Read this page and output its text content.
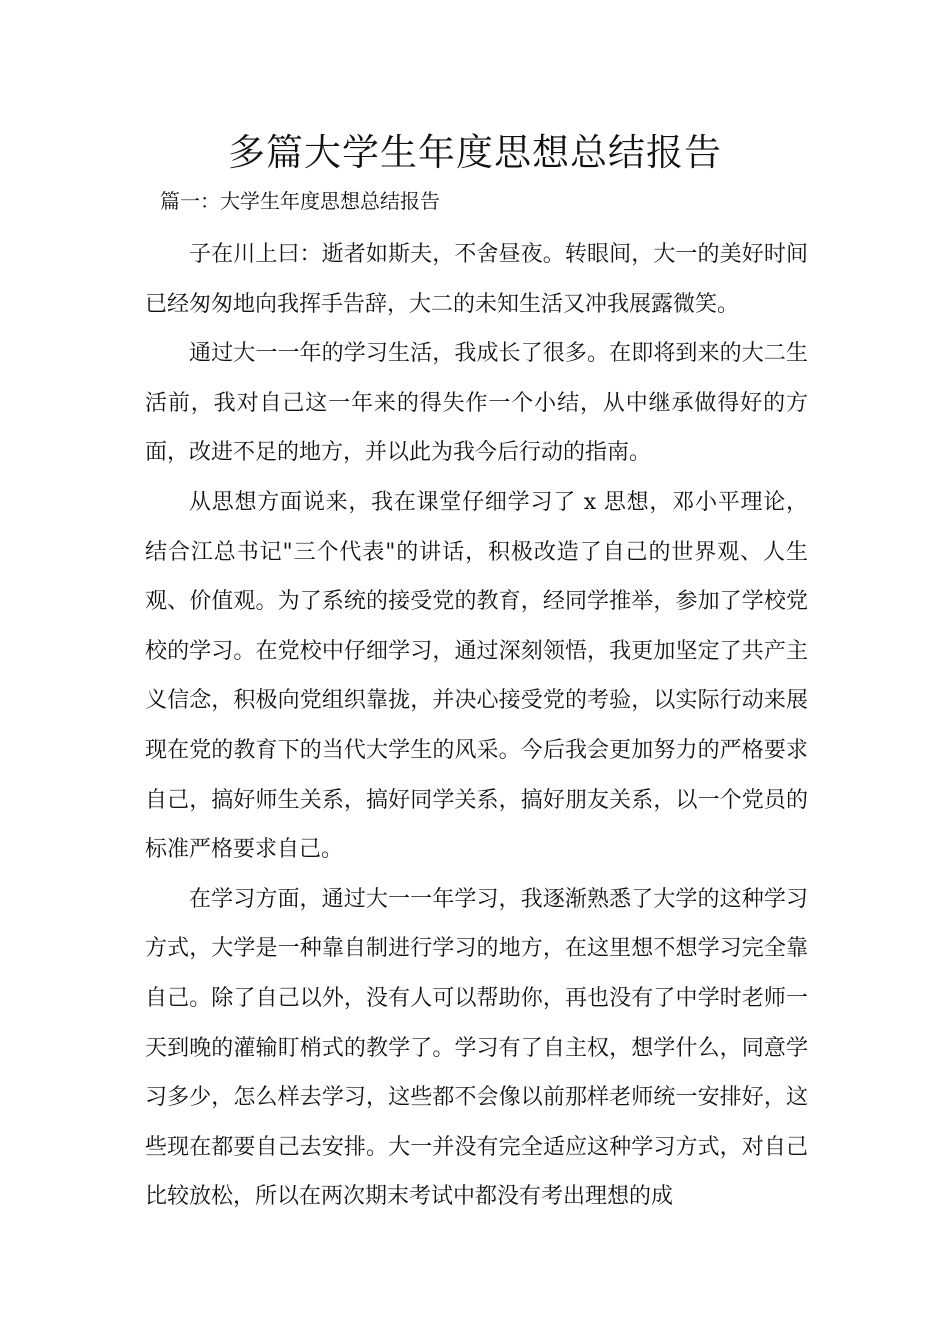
多篇大学生年度思想总结报告
篇一：大学生年度思想总结报告

子在川上曰：逝者如斯夫，不舍昼夜。转眼间，大一的美好时间已经匆匆地向我挥手告辞，大二的未知生活又冲我展露微笑。

通过大一一年的学习生活，我成长了很多。在即将到来的大二生活前，我对自己这一年来的得失作一个小结，从中继承做得好的方面，改进不足的地方，并以此为我今后行动的指南。

从思想方面说来，我在课堂仔细学习了 x 思想，邓小平理论，结合江总书记"三个代表"的讲话，积极改造了自己的世界观、人生观、价值观。为了系统的接受党的教育，经同学推举，参加了学校党校的学习。在党校中仔细学习，通过深刻领悟，我更加坚定了共产主义信念，积极向党组织靠拢，并决心接受党的考验，以实际行动来展现在党的教育下的当代大学生的风采。今后我会更加努力的严格要求自己，搞好师生关系，搞好同学关系，搞好朋友关系，以一个党员的标准严格要求自己。

在学习方面，通过大一一年学习，我逐渐熟悉了大学的这种学习方式，大学是一种靠自制进行学习的地方，在这里想不想学习完全靠自己。除了自己以外，没有人可以帮助你，再也没有了中学时老师一天到晚的灌输盯梢式的教学了。学习有了自主权，想学什么，同意学习多少，怎么样去学习，这些都不会像以前那样老师统一安排好，这些现在都要自己去安排。大一并没有完全适应这种学习方式，对自己比较放松，所以在两次期末考试中都没有考出理想的成
